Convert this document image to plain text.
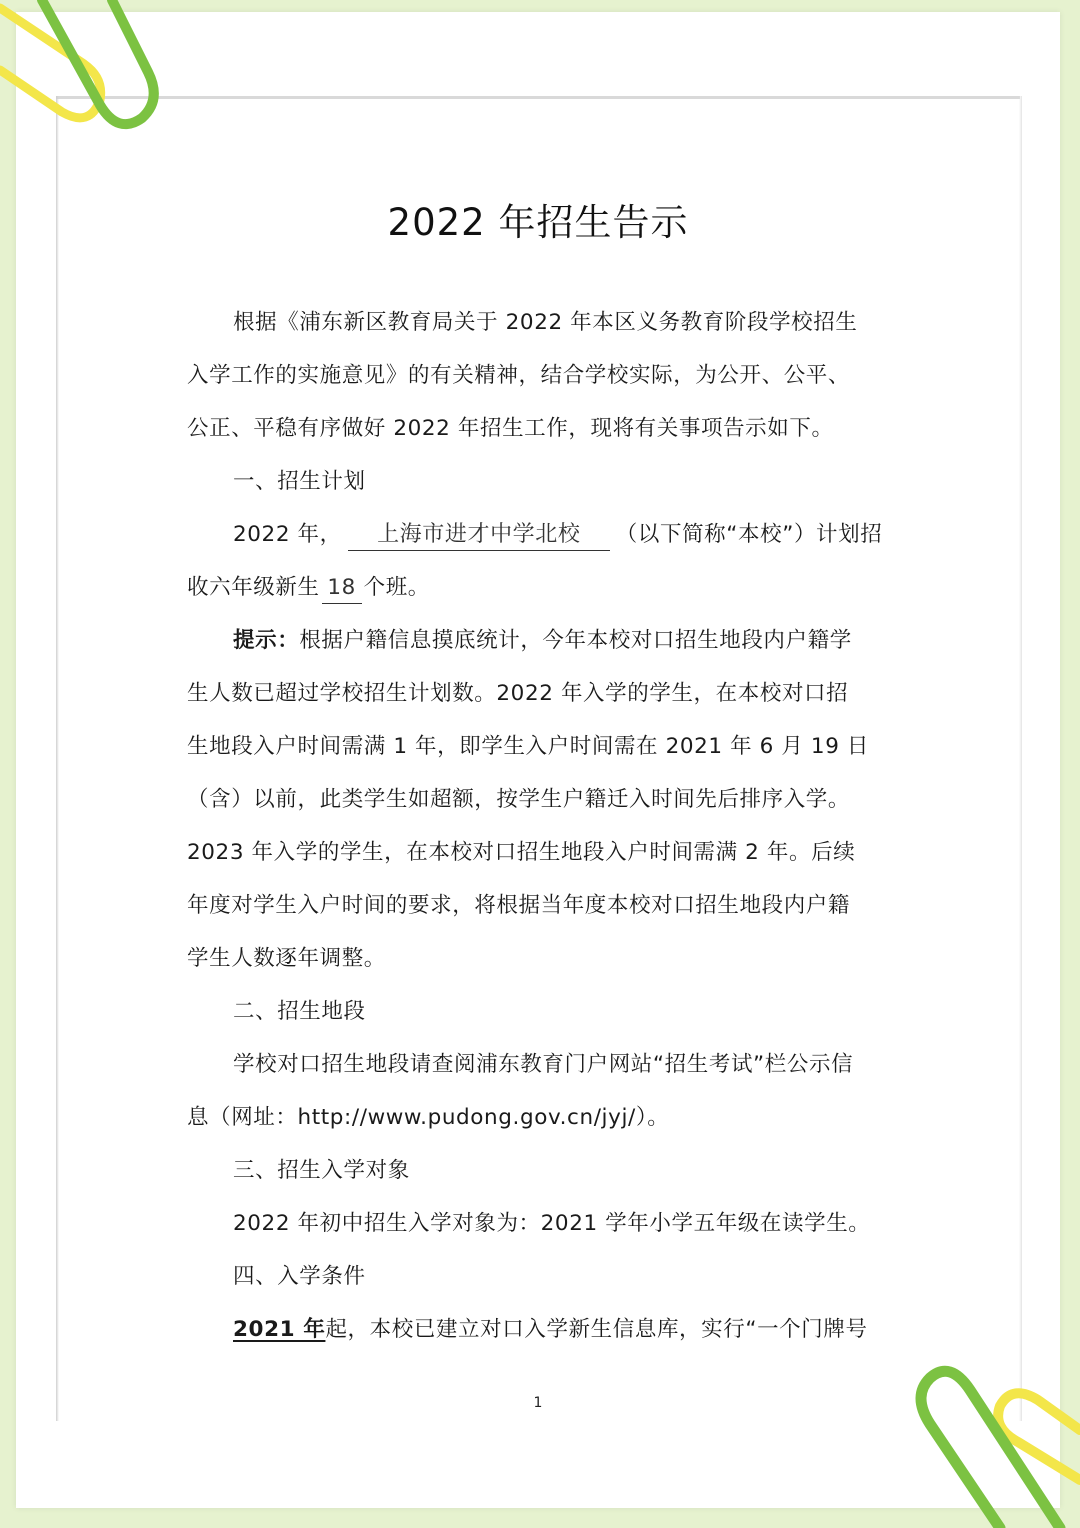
2022 年招生告示
根据《浦东新区教育局关于 2022 年本区义务教育阶段学校招生
入学工作的实施意见》的有关精神，结合学校实际，为公开、公平、
公正、平稳有序做好 2022 年招生工作，现将有关事项告示如下。
一、招生计划
2022 年， 上海市进才中学北校 （以下简称“本校”）计划招
收六年级新生 18 个班。
提示：根据户籍信息摸底统计，今年本校对口招生地段内户籍学
生人数已超过学校招生计划数。2022 年入学的学生，在本校对口招
生地段入户时间需满 1 年，即学生入户时间需在 2021 年 6 月 19 日
（含）以前，此类学生如超额，按学生户籍迁入时间先后排序入学。
2023 年入学的学生，在本校对口招生地段入户时间需满 2 年。后续
年度对学生入户时间的要求，将根据当年度本校对口招生地段内户籍
学生人数逐年调整。
二、招生地段
学校对口招生地段请查阅浦东教育门户网站“招生考试”栏公示信
息（网址：http://www.pudong.gov.cn/jyj/）。
三、招生入学对象
2022 年初中招生入学对象为：2021 学年小学五年级在读学生。
四、入学条件
2021 年起，本校已建立对口入学新生信息库，实行“一个门牌号
1
